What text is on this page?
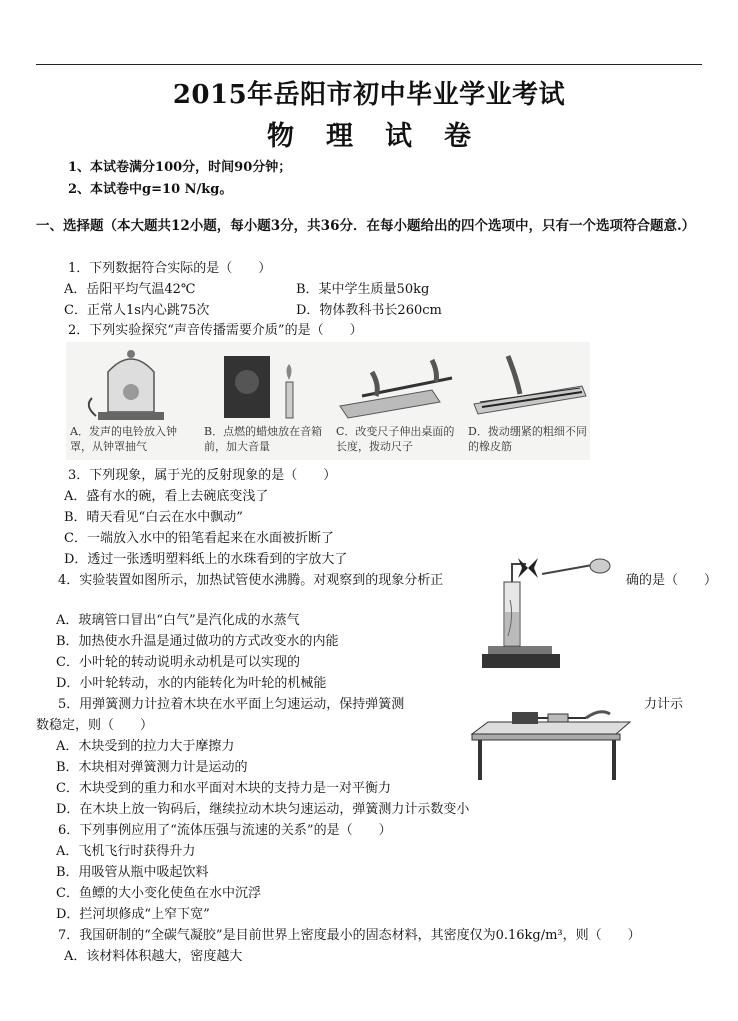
2015年岳阳市初中毕业学业考试
物理试卷
1、本试卷满分100分，时间90分钟；
2、本试卷中g=10 N/kg。
一、选择题（本大题共12小题，每小题3分，共36分．在每小题给出的四个选项中，只有一个选项符合题意.）
1．下列数据符合实际的是（　　）
A．岳阳平均气温42℃	B．某中学生质量50kg
C．正常人1s内心跳75次	D．物体教科书长260cm
2．下列实验探究“声音传播需要介质”的是（　　）
A．发声的电铃放入钟罩，从钟罩抽气
B．点燃的蜡烛放在音箱前，加大音量
C．改变尺子伸出桌面的长度，拨动尺子
D．拨动绷紧的粗细不同的橡皮筋
3．下列现象，属于光的反射现象的是（　　）
A．盛有水的碗，看上去碗底变浅了
B．晴天看见“白云在水中飘动”
C．一端放入水中的铅笔看起来在水面被折断了
D．透过一张透明塑料纸上的水珠看到的字放大了
4．实验装置如图所示，加热试管使水沸腾。对观察到的现象分析正	确的是（　　）
A．玻璃管口冒出“白气”是汽化成的水蒸气
B．加热使水升温是通过做功的方式改变水的内能
C．小叶轮的转动说明永动机是可以实现的
D．小叶轮转动，水的内能转化为叶轮的机械能
5．用弹簧测力计拉着木块在水平面上匀速运动，保持弹簧测	力计示
数稳定，则（　　）
A．木块受到的拉力大于摩擦力
B．木块相对弹簧测力计是运动的
C．木块受到的重力和水平面对木块的支持力是一对平衡力
D．在木块上放一钩码后，继续拉动木块匀速运动，弹簧测力计示数变小
6．下列事例应用了“流体压强与流速的关系”的是（　　）
A．飞机飞行时获得升力
B．用吸管从瓶中吸起饮料
C．鱼鳔的大小变化使鱼在水中沉浮
D．拦河坝修成“上窄下宽”
7．我国研制的“全碳气凝胶”是目前世界上密度最小的固态材料，其密度仅为0.16kg/m³，则（　　）
A．该材料体积越大，密度越大
